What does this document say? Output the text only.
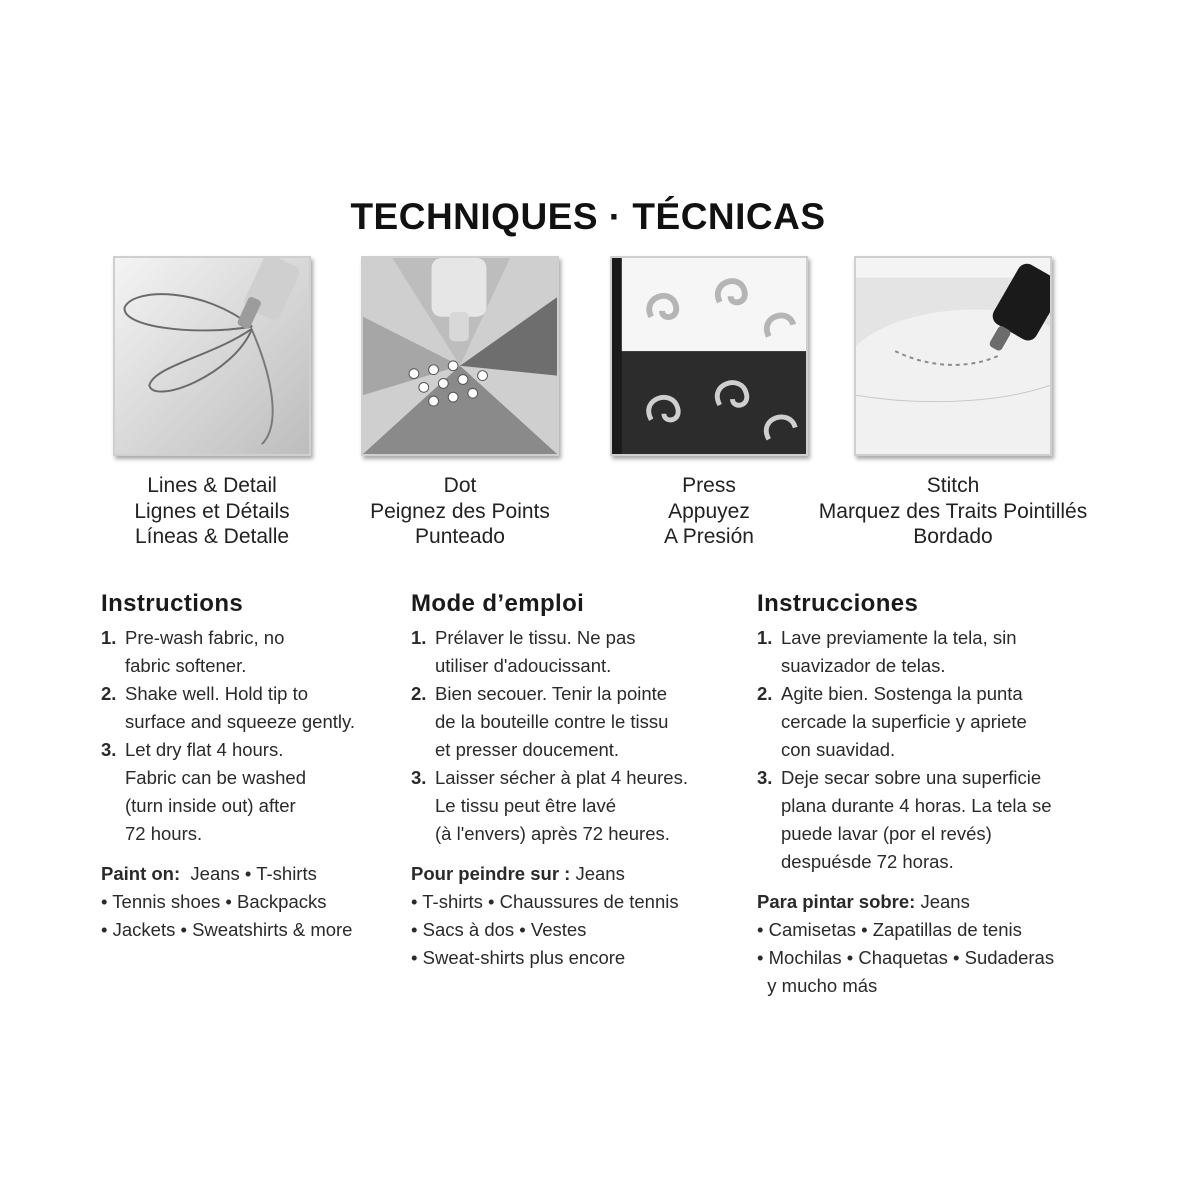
TECHNIQUES · TÉCNICAS
Lines & Detail
Lignes et Détails
Líneas & Detalle
Dot
Peignez des Points
Punteado
Press
Appuyez
A Presión
Stitch
Marquez des Traits Pointillés
Bordado
Instructions
1. Pre-wash fabric, no
fabric softener.
2. Shake well. Hold tip to
surface and squeeze gently.
3. Let dry flat 4 hours.
Fabric can be washed
(turn inside out) after
72 hours.
Paint on: Jeans • T-shirts
• Tennis shoes • Backpacks
• Jackets • Sweatshirts & more
Mode d’emploi
1. Prélaver le tissu. Ne pas
utiliser d'adoucissant.
2. Bien secouer. Tenir la pointe
de la bouteille contre le tissu
et presser doucement.
3. Laisser sécher à plat 4 heures.
Le tissu peut être lavé
(à l'envers) après 72 heures.
Pour peindre sur : Jeans
• T-shirts • Chaussures de tennis
• Sacs à dos • Vestes
• Sweat-shirts plus encore
Instrucciones
1. Lave previamente la tela, sin
suavizador de telas.
2. Agite bien. Sostenga la punta
cercade la superficie y apriete
con suavidad.
3. Deje secar sobre una superficie
plana durante 4 horas. La tela se
puede lavar (por el revés)
despuésde 72 horas.
Para pintar sobre: Jeans
• Camisetas • Zapatillas de tenis
• Mochilas • Chaquetas • Sudaderas
y mucho más
